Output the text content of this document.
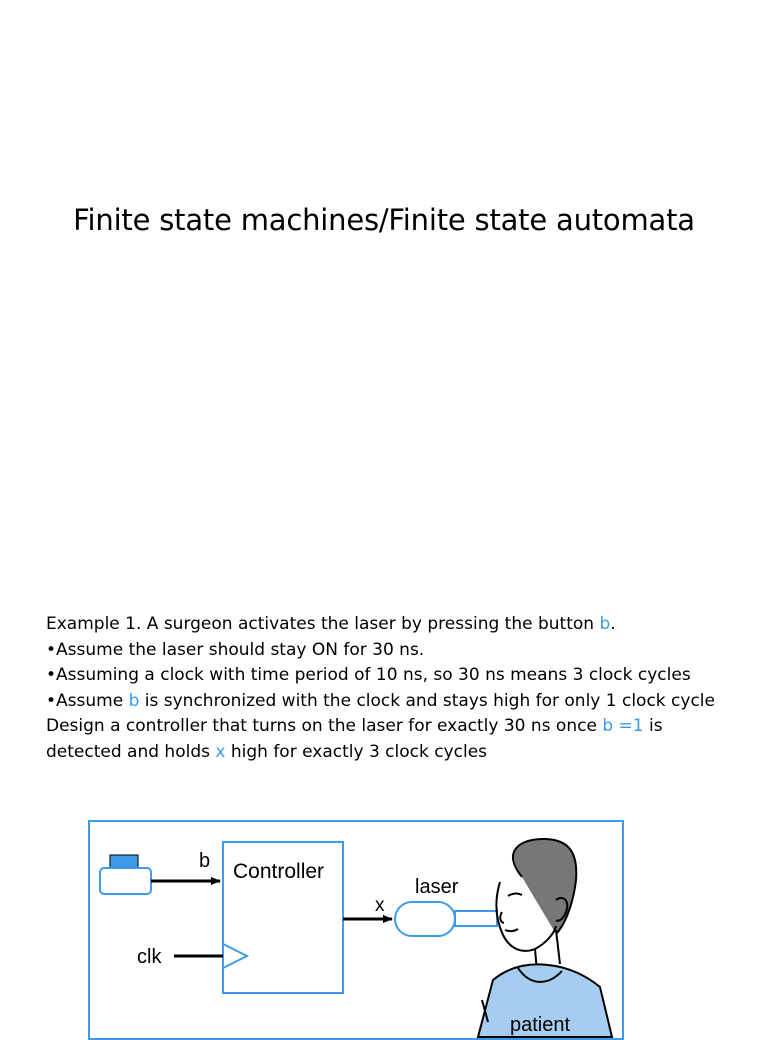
Finite state machines/Finite state automata

Example 1. A surgeon activates the laser by pressing the button b.

•Assume the laser should stay ON for 30 ns.

•Assuming a clock with time period of 10 ns, so 30 ns means 3 clock cycles

•Assume b is synchronized with the clock and stays high for only 1 clock cycle

Design a controller that turns on the laser for exactly 30 ns once b =1 is detected and holds x high for exactly 3 clock cycles

b Controller
clk
x
laser
patient
